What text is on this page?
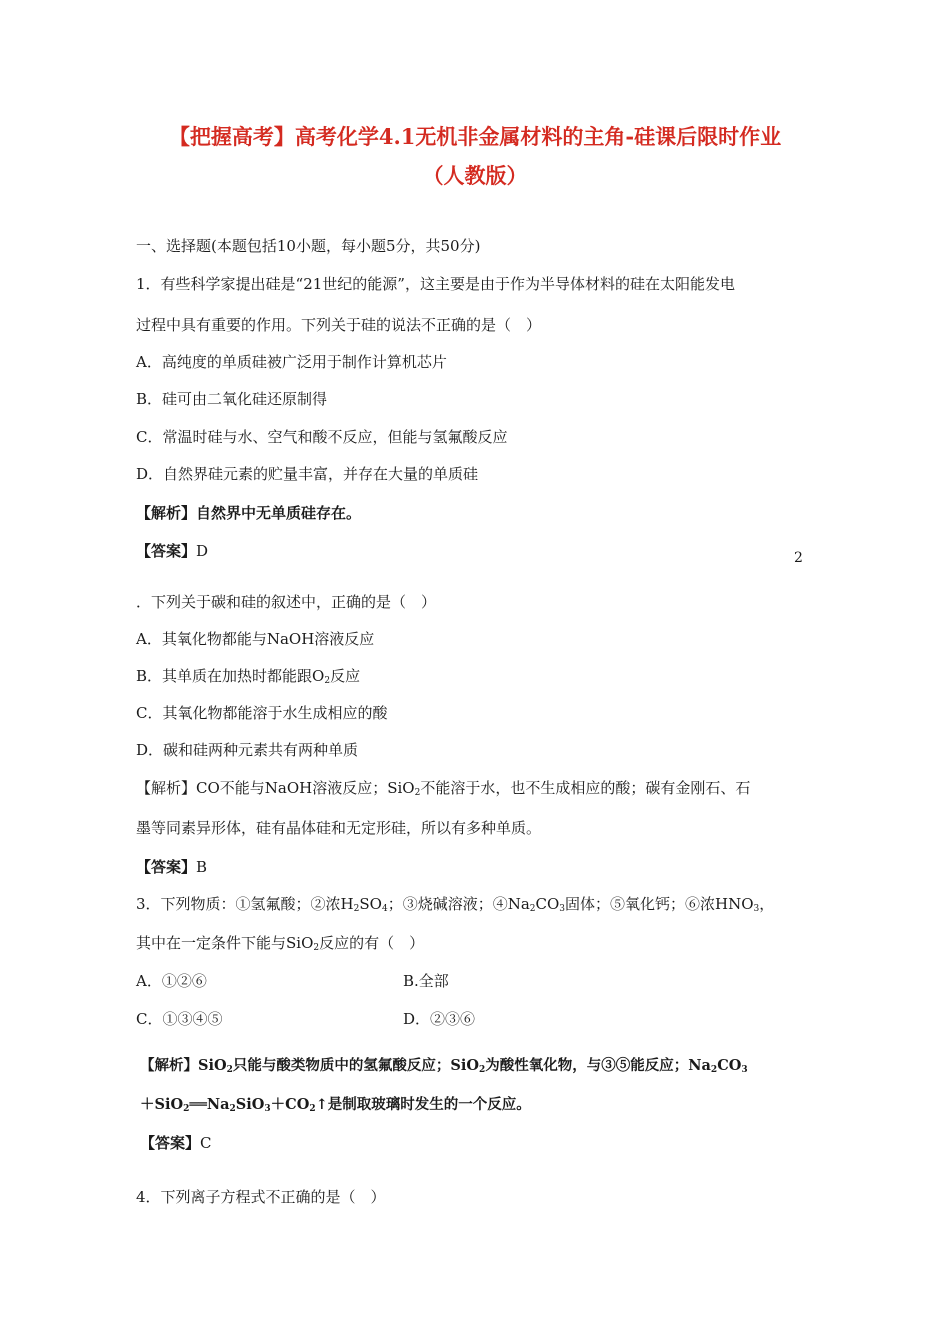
【把握高考】高考化学4.1无机非金属材料的主角-硅课后限时作业
（人教版）
一、选择题(本题包括10小题，每小题5分，共50分)
1．有些科学家提出硅是“21世纪的能源”，这主要是由于作为半导体材料的硅在太阳能发电
过程中具有重要的作用。下列关于硅的说法不正确的是（　）
A．高纯度的单质硅被广泛用于制作计算机芯片
B．硅可由二氧化硅还原制得
C．常温时硅与水、空气和酸不反应，但能与氢氟酸反应
D．自然界硅元素的贮量丰富，并存在大量的单质硅
【解析】自然界中无单质硅存在。
【答案】D	2
．下列关于碳和硅的叙述中，正确的是（　）
A．其氧化物都能与NaOH溶液反应
B．其单质在加热时都能跟$O_2$反应
C．其氧化物都能溶于水生成相应的酸
D．碳和硅两种元素共有两种单质
【解析】CO不能与NaOH溶液反应；SiO$_2$不能溶于水，也不生成相应的酸；碳有金刚石、石
墨等同素异形体，硅有晶体硅和无定形硅，所以有多种单质。
【答案】B
3．下列物质：①氢氟酸；②浓$H_2SO_4$；③烧碱溶液；$④Na_2CO_3$固体；⑤氧化钙；⑥浓$HNO_3$，
其中在一定条件下能与SiO$_2$反应的有（　）
A．①②⑥	B.全部
C．①③④⑤	D．②③⑥
【解析】SiO$_2$只能与酸类物质中的氢氟酸反应；SiO$_2$为酸性氧化物，与③⑤能反应；$Na_2CO_3$
$+SiO_2══Na_2SiO_3+CO_2↑$是制取玻璃时发生的一个反应。
【答案】C
4．下列离子方程式不正确的是（　）
